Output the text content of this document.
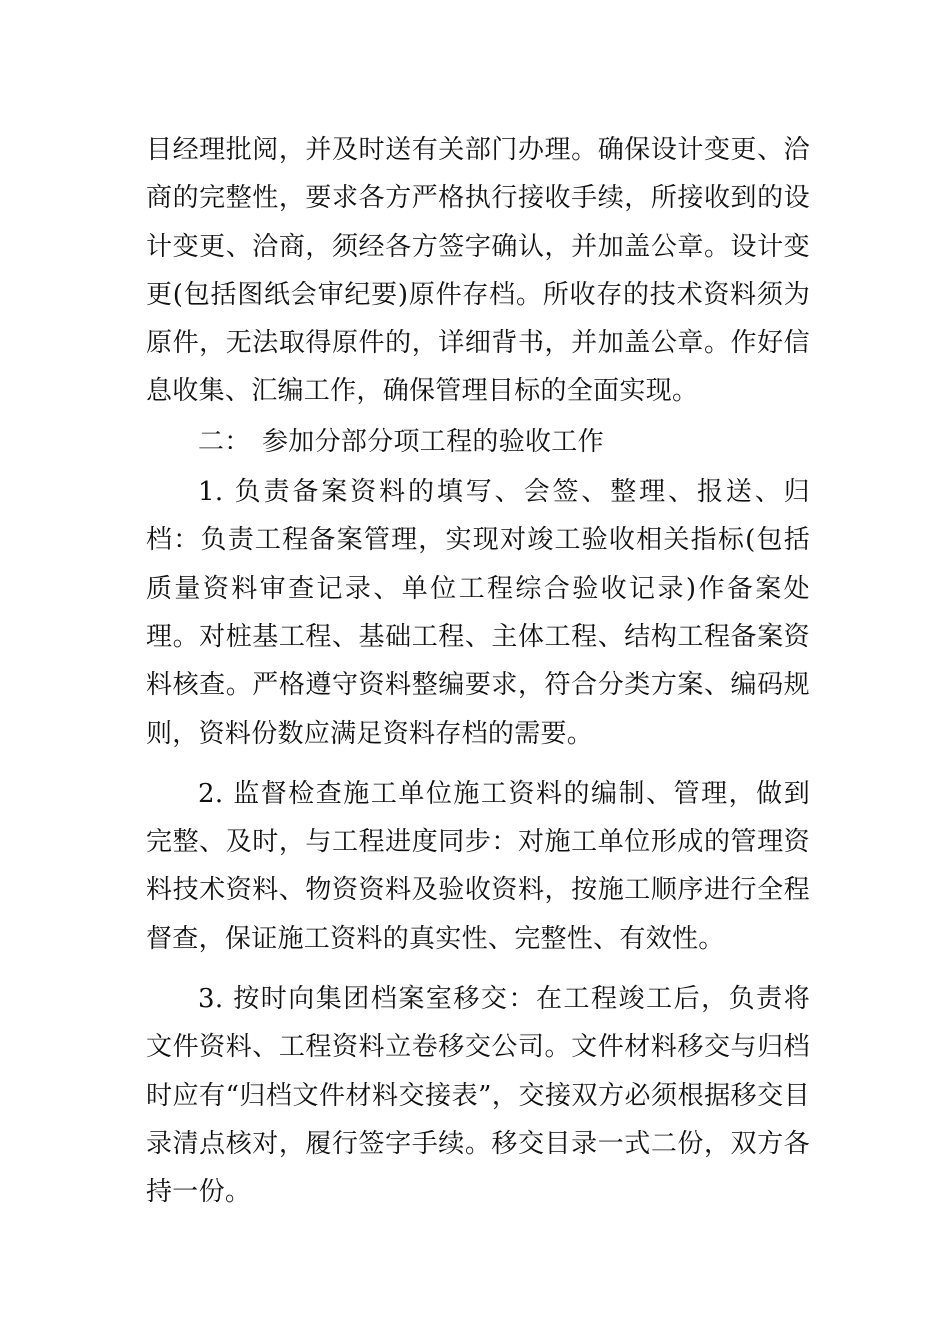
目经理批阅，并及时送有关部门办理。确保设计变更、洽商的完整性，要求各方严格执行接收手续，所接收到的设计变更、洽商，须经各方签字确认，并加盖公章。设计变更(包括图纸会审纪要)原件存档。所收存的技术资料须为原件，无法取得原件的，详细背书，并加盖公章。作好信息收集、汇编工作，确保管理目标的全面实现。

二： 参加分部分项工程的验收工作

1. 负责备案资料的填写、会签、整理、报送、归档：负责工程备案管理，实现对竣工验收相关指标(包括质量资料审查记录、单位工程综合验收记录)作备案处理。对桩基工程、基础工程、主体工程、结构工程备案资料核查。严格遵守资料整编要求，符合分类方案、编码规则，资料份数应满足资料存档的需要。

2. 监督检查施工单位施工资料的编制、管理，做到完整、及时，与工程进度同步：对施工单位形成的管理资料技术资料、物资资料及验收资料，按施工顺序进行全程督查，保证施工资料的真实性、完整性、有效性。

3. 按时向集团档案室移交：在工程竣工后，负责将文件资料、工程资料立卷移交公司。文件材料移交与归档时应有“归档文件材料交接表”，交接双方必须根据移交目录清点核对，履行签字手续。移交目录一式二份，双方各持一份。
